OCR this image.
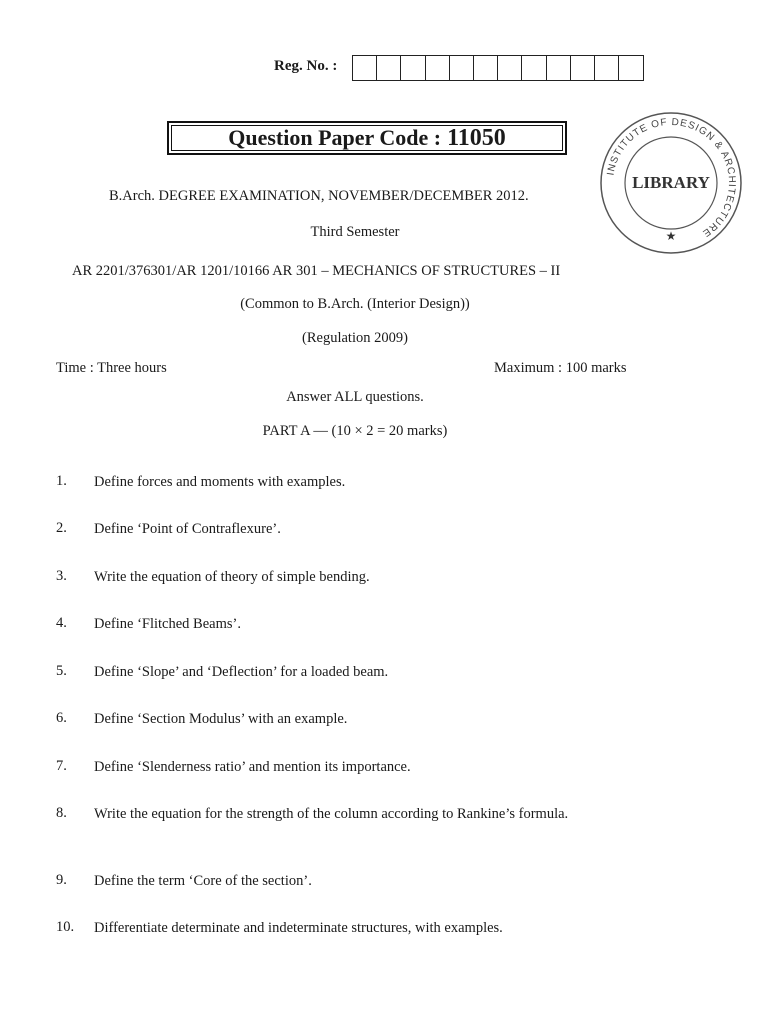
Reg. No. :
Question Paper Code : 11050
INSTITUTE OF DESIGN & ARCHITECTURE
LIBRARY
★
B.Arch. DEGREE EXAMINATION, NOVEMBER/DECEMBER 2012.
Third Semester
AR 2201/376301/AR 1201/10166 AR 301 – MECHANICS OF STRUCTURES – II
(Common to B.Arch. (Interior Design))
(Regulation 2009)
Time : Three hours	Maximum : 100 marks
Answer ALL questions.
PART A — (10 × 2 = 20 marks)
1. Define forces and moments with examples.
2. Define ‘Point of Contraflexure’.
3. Write the equation of theory of simple bending.
4. Define ‘Flitched Beams’.
5. Define ‘Slope’ and ‘Deflection’ for a loaded beam.
6. Define ‘Section Modulus’ with an example.
7. Define ‘Slenderness ratio’ and mention its importance.
8. Write the equation for the strength of the column according to Rankine’s formula.
9. Define the term ‘Core of the section’.
10. Differentiate determinate and indeterminate structures, with examples.
